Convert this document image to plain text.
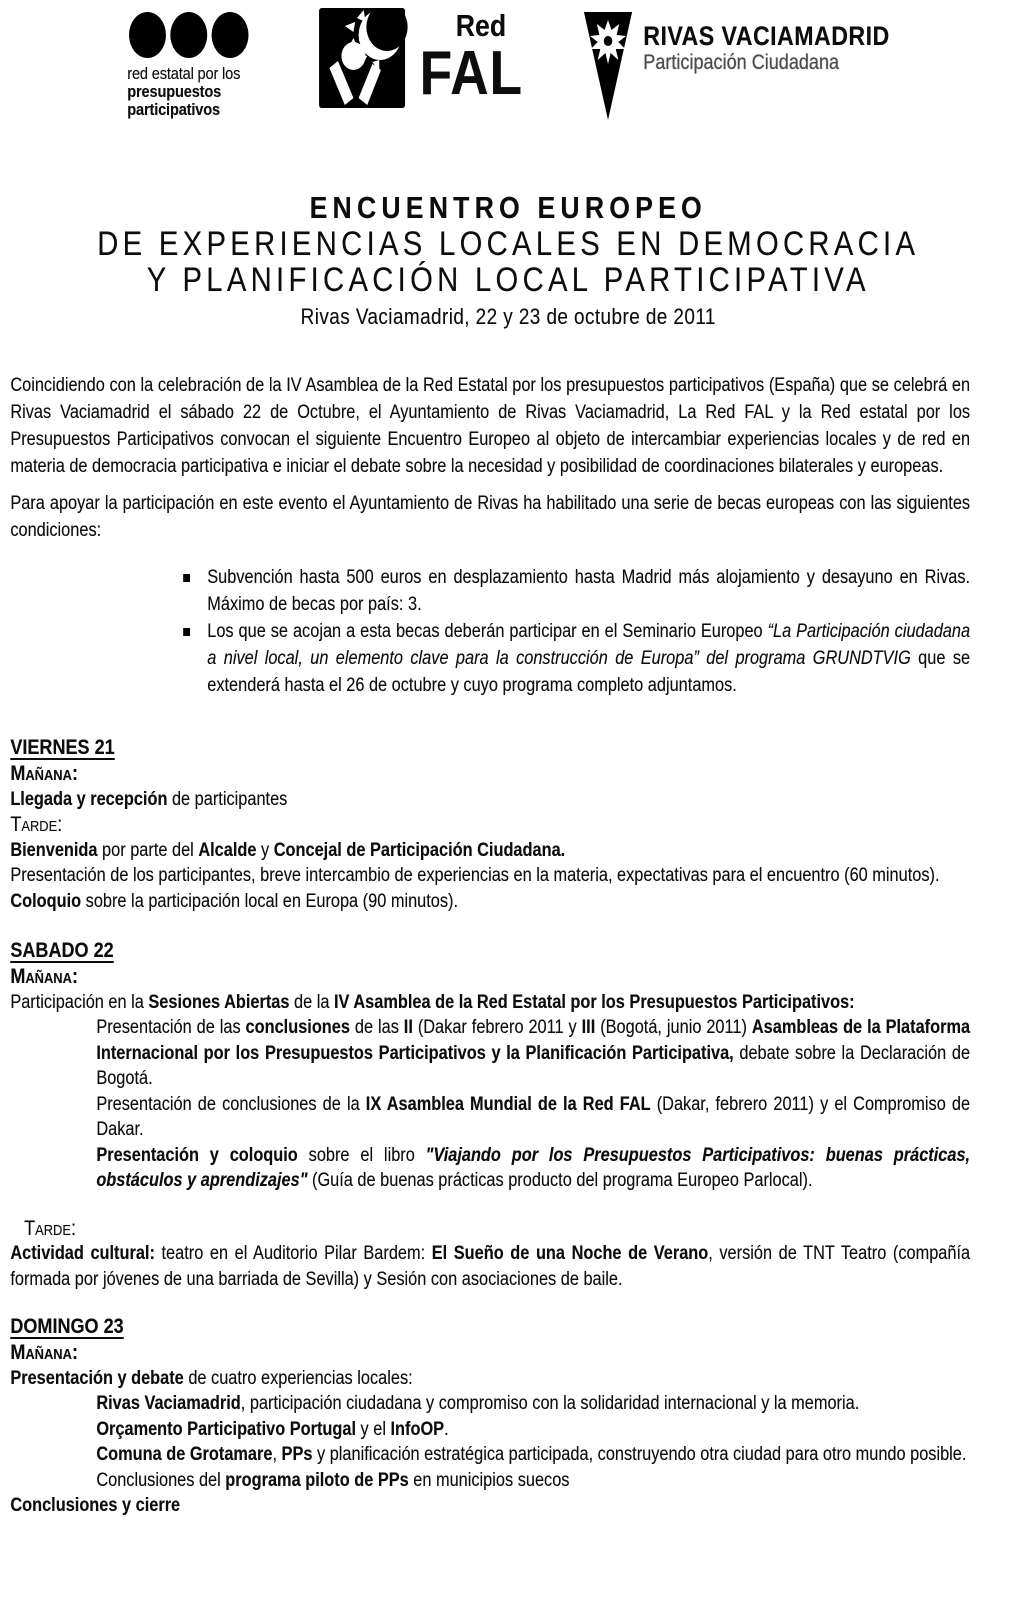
red estatal por los
presupuestos
participativos
Red
FAL
RIVAS VACIAMADRID
Participación Ciudadana
ENCUENTRO EUROPEO
DE EXPERIENCIAS LOCALES EN DEMOCRACIA
Y PLANIFICACIÓN LOCAL PARTICIPATIVA
Rivas Vaciamadrid, 22 y 23 de octubre de 2011

Coincidiendo con la celebración de la IV Asamblea de la Red Estatal por los presupuestos participativos (España) que se celebrá en Rivas Vaciamadrid el sábado 22 de Octubre, el Ayuntamiento de Rivas Vaciamadrid, La Red FAL y la Red estatal por los Presupuestos Participativos convocan el siguiente Encuentro Europeo al objeto de intercambiar experiencias locales y de red en materia de democracia participativa e iniciar el debate sobre la necesidad y posibilidad de coordinaciones bilaterales y europeas.

Para apoyar la participación en este evento el Ayuntamiento de Rivas ha habilitado una serie de becas europeas con las siguientes condiciones:

Subvención hasta 500 euros en desplazamiento hasta Madrid más alojamiento y desayuno en Rivas. Máximo de becas por país: 3.
Los que se acojan a esta becas deberán participar en el Seminario Europeo “La Participación ciudadana a nivel local, un elemento clave para la construcción de Europa” del programa GRUNDTVIG que se extenderá hasta el 26 de octubre y cuyo programa completo adjuntamos.
VIERNES 21
Mañana:
Llegada y recepción de participantes
Tarde:
Bienvenida por parte del Alcalde y Concejal de Participación Ciudadana.
Presentación de los participantes, breve intercambio de experiencias en la materia, expectativas para el encuentro (60 minutos).
Coloquio sobre la participación local en Europa (90 minutos).
SABADO 22
Mañana:
Participación en la Sesiones Abiertas de la IV Asamblea de la Red Estatal por los Presupuestos Participativos:
Presentación de las conclusiones de las II (Dakar febrero 2011 y III (Bogotá, junio 2011) Asambleas de la Plataforma Internacional por los Presupuestos Participativos y la Planificación Participativa, debate sobre la Declaración de Bogotá.
Presentación de conclusiones de la IX Asamblea Mundial de la Red FAL (Dakar, febrero 2011) y el Compromiso de Dakar.
Presentación y coloquio sobre el libro "Viajando por los Presupuestos Participativos: buenas prácticas, obstáculos y aprendizajes" (Guía de buenas prácticas producto del programa Europeo Parlocal).
Tarde:
Actividad cultural: teatro en el Auditorio Pilar Bardem: El Sueño de una Noche de Verano, versión de TNT Teatro (compañía formada por jóvenes de una barriada de Sevilla) y Sesión con asociaciones de baile.
DOMINGO 23
Mañana:
Presentación y debate de cuatro experiencias locales:
Rivas Vaciamadrid, participación ciudadana y compromiso con la solidaridad internacional y la memoria.
Orçamento Participativo Portugal y el InfoOP.
Comuna de Grotamare, PPs y planificación estratégica participada, construyendo otra ciudad para otro mundo posible.
Conclusiones del programa piloto de PPs en municipios suecos
Conclusiones y cierre
